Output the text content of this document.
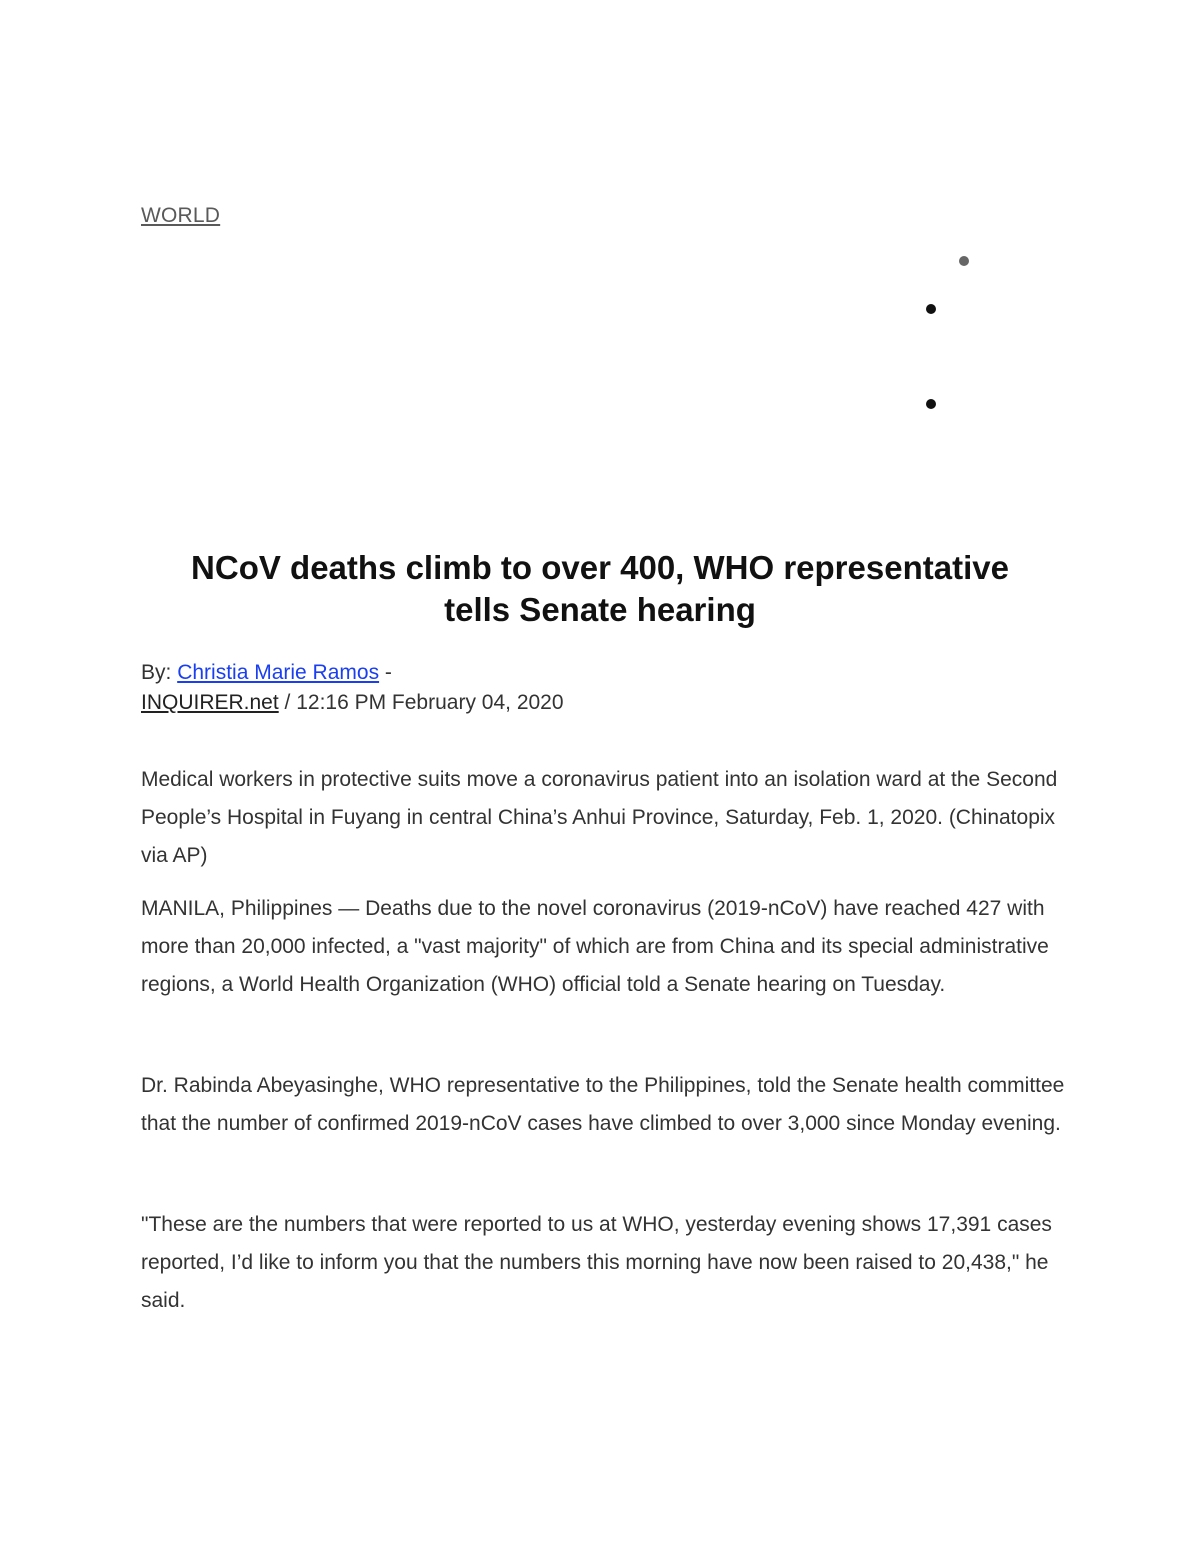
WORLD
NCoV deaths climb to over 400, WHO representative
tells Senate hearing
By: Christia Marie Ramos -
INQUIRER.net / 12:16 PM February 04, 2020

Medical workers in protective suits move a coronavirus patient into an isolation ward at the Second People’s Hospital in Fuyang in central China’s Anhui Province, Saturday, Feb. 1, 2020. (Chinatopix via AP)

MANILA, Philippines — Deaths due to the novel coronavirus (2019-nCoV) have reached 427 with more than 20,000 infected, a "vast majority" of which are from China and its special administrative regions, a World Health Organization (WHO) official told a Senate hearing on Tuesday.

Dr. Rabinda Abeyasinghe, WHO representative to the Philippines, told the Senate health committee that the number of confirmed 2019-nCoV cases have climbed to over 3,000 since Monday evening.

"These are the numbers that were reported to us at WHO, yesterday evening shows 17,391 cases reported, I’d like to inform you that the numbers this morning have now been raised to 20,438," he said.
